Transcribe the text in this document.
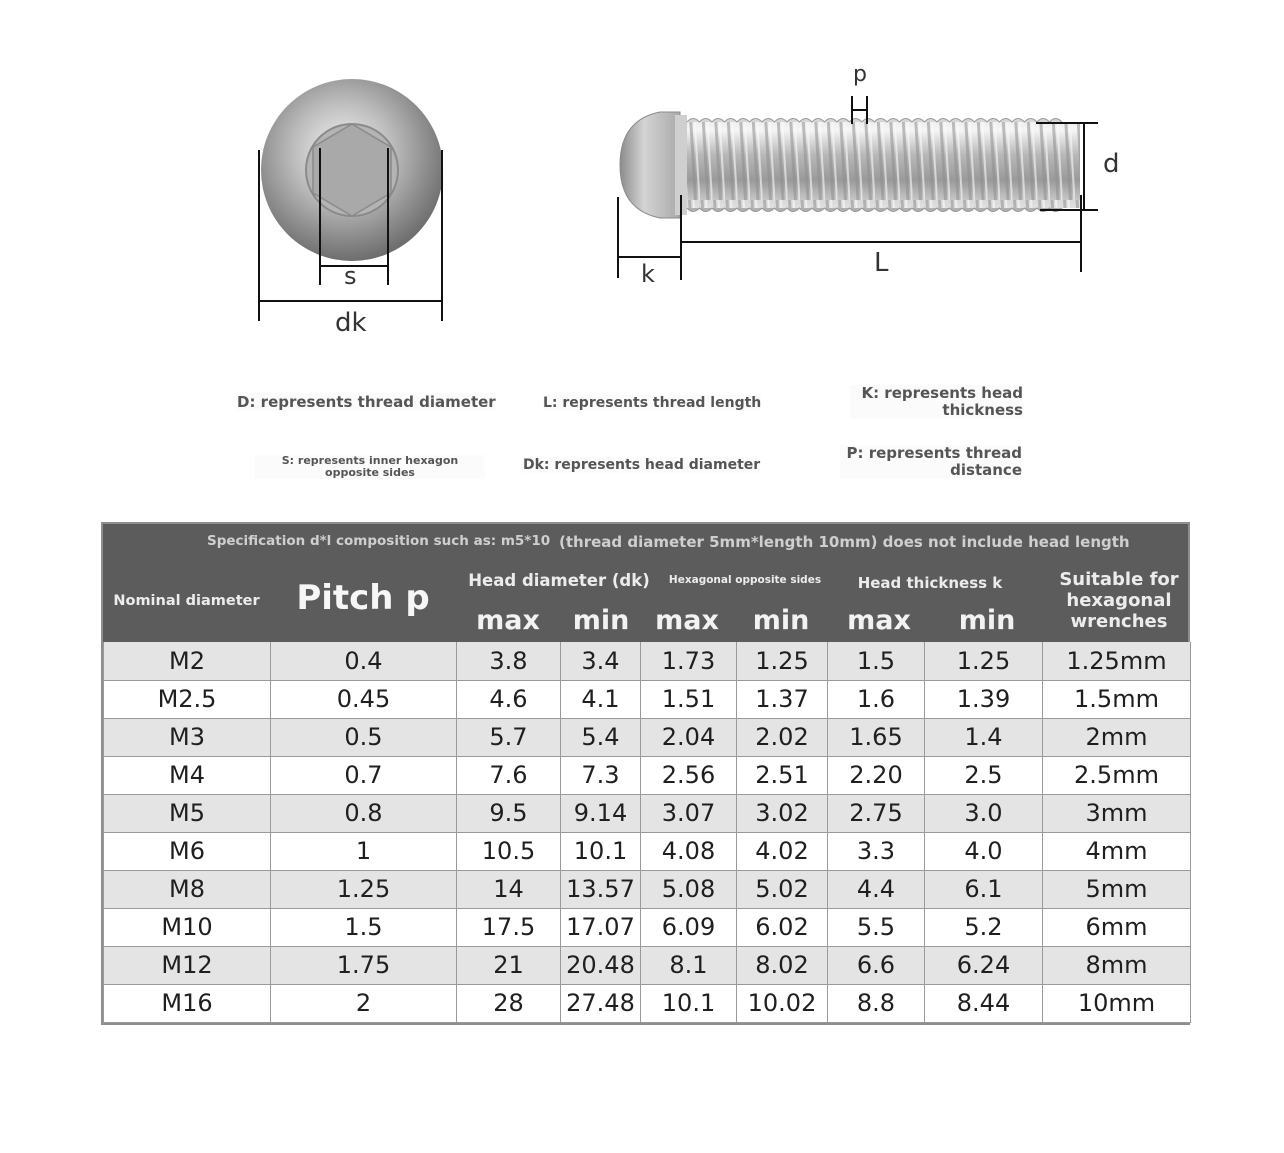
s
dk
p
d
k	L
D: represents thread diameter	L: represents thread length
K: represents head thickness
S: represents inner hexagon opposite sides	Dk: represents head diameter
P: represents thread distance
Specification d*l composition such as: m5*10 (thread diameter 5mm*length 10mm) does not include head length
Nominal diameter	Pitch p	Head diameter (dk)	Hexagonal opposite sides	Head thickness k	Suitable for
hexagonal
wrenches
max	min max	min	max	min
M2	0.4	3.8	3.4	1.73	1.25	1.5	1.25	1.25mm
M2.5	0.45	4.6	4.1	1.51	1.37	1.6	1.39	1.5mm
M3	0.5	5.7	5.4	2.04	2.02	1.65	1.4	2mm
M4	0.7	7.6	7.3	2.56	2.51	2.20	2.5	2.5mm
M5	0.8	9.5	9.14	3.07	3.02	2.75	3.0	3mm
M6	1	10.5	10.1	4.08	4.02	3.3	4.0	4mm
M8	1.25	14	13.57	5.08	5.02	4.4	6.1	5mm
M10	1.5	17.5	17.07	6.09	6.02	5.5	5.2	6mm
M12	1.75	21	20.48	8.1	8.02	6.6	6.24	8mm
M16	2	28	27.48	10.1	10.02	8.8	8.44	10mm
